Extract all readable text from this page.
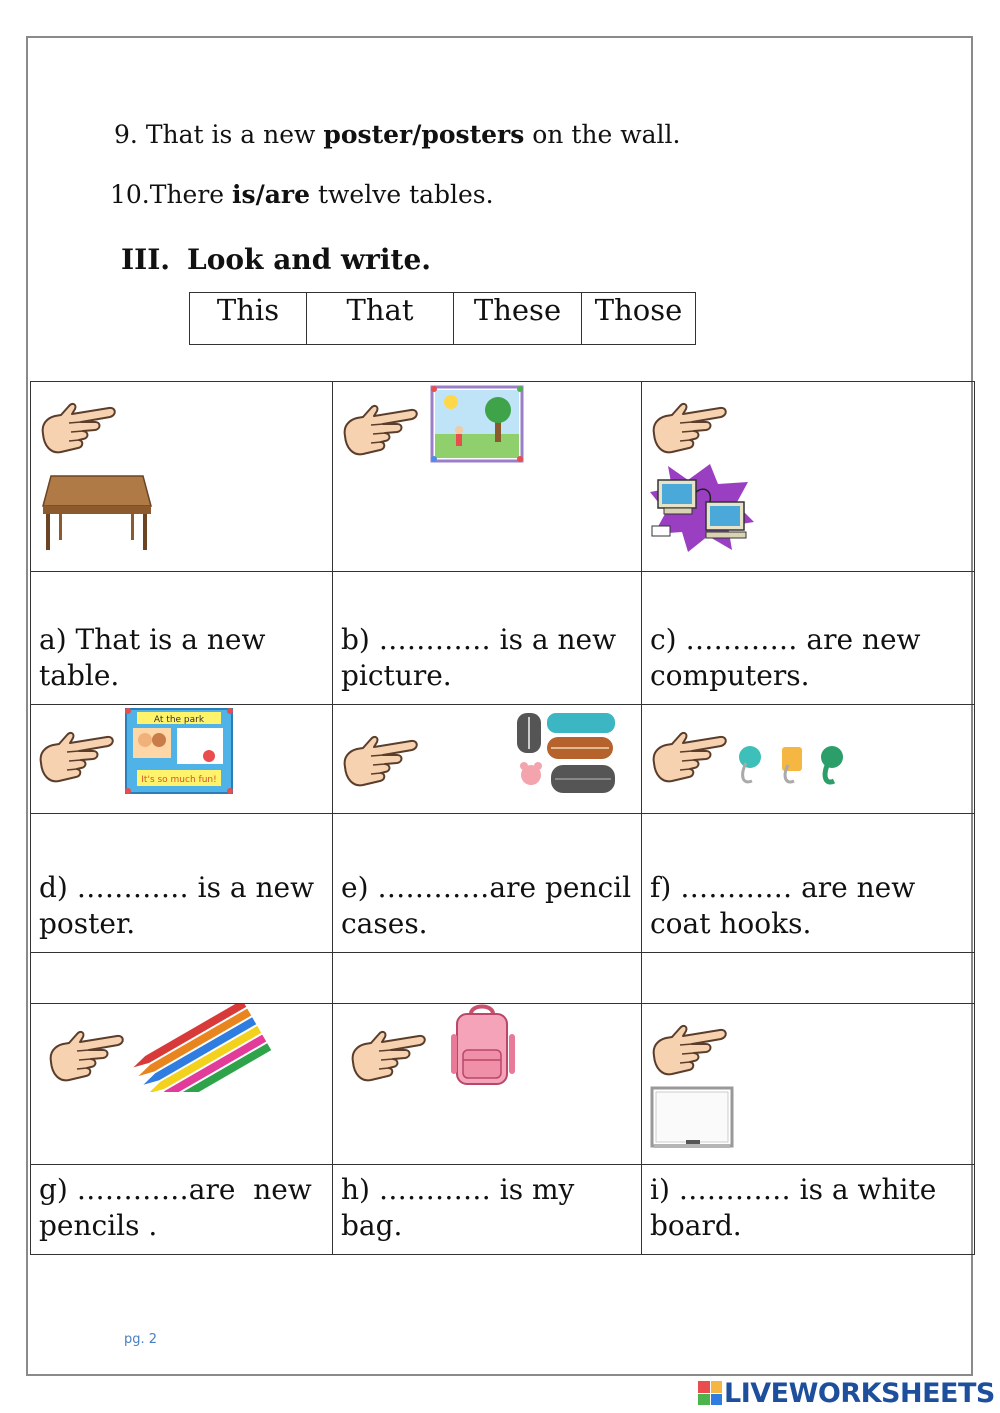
9. That is a new poster/posters on the wall.
10.There is/are twelve tables.
III. Look and write.
This	That	These	Those

a) That is a new table.	b) ………… is a new picture.	c) ………… are new computers.

At the park
It's so much fun!

d) ………… is a new poster.	e) …………are pencil cases.	f) ………… are new coat hooks.

g) …………are  new pencils .	h) ………… is my bag.	i) ………… is a white board.
pg. 2
LIVEWORKSHEETS
